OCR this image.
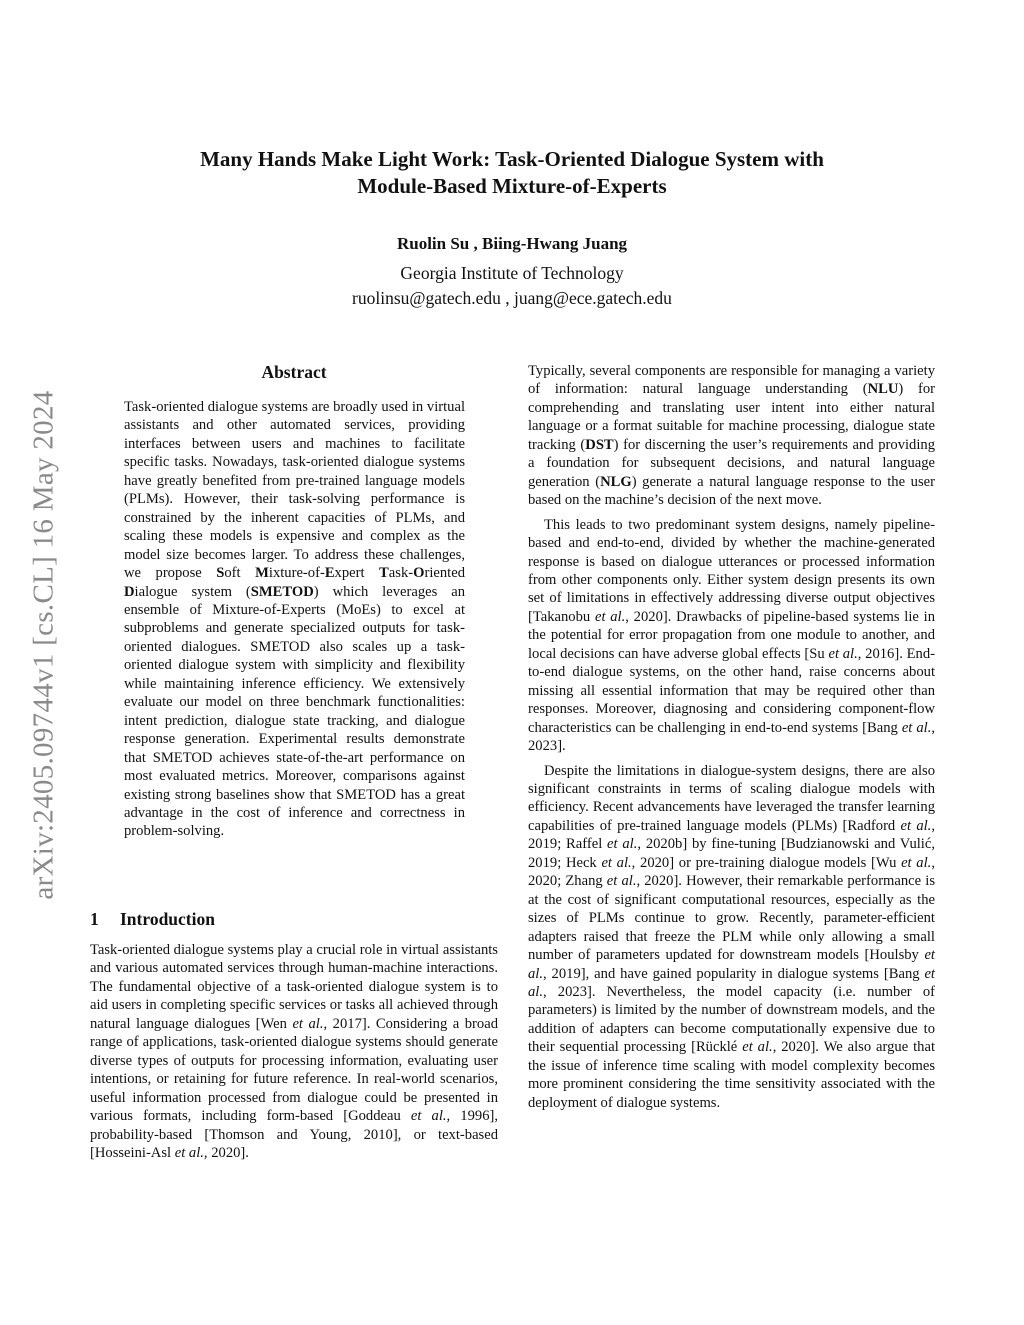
Many Hands Make Light Work: Task-Oriented Dialogue System with
Module-Based Mixture-of-Experts
Ruolin Su , Biing-Hwang Juang
Georgia Institute of Technology
ruolinsu@gatech.edu , juang@ece.gatech.edu
arXiv:2405.09744v1 [cs.CL] 16 May 2024
Abstract

Task-oriented dialogue systems are broadly used in virtual assistants and other automated services, providing interfaces between users and machines to facilitate specific tasks. Nowadays, task-oriented dialogue systems have greatly benefited from pre-trained language models (PLMs). However, their task-solving performance is constrained by the inherent capacities of PLMs, and scaling these models is expensive and complex as the model size becomes larger. To address these challenges, we propose Soft Mixture-of-Expert Task-Oriented Dialogue system (SMETOD) which leverages an ensemble of Mixture-of-Experts (MoEs) to excel at subproblems and generate specialized outputs for task-oriented dialogues. SMETOD also scales up a task-oriented dialogue system with simplicity and flexibility while maintaining inference efficiency. We extensively evaluate our model on three benchmark functionalities: intent prediction, dialogue state tracking, and dialogue response generation. Experimental results demonstrate that SMETOD achieves state-of-the-art performance on most evaluated metrics. Moreover, comparisons against existing strong baselines show that SMETOD has a great advantage in the cost of inference and correctness in problem-solving.

1 Introduction

Task-oriented dialogue systems play a crucial role in virtual assistants and various automated services through human-machine interactions. The fundamental objective of a task-oriented dialogue system is to aid users in completing specific services or tasks all achieved through natural language dialogues [Wen et al., 2017]. Considering a broad range of applications, task-oriented dialogue systems should generate diverse types of outputs for processing information, evaluating user intentions, or retaining for future reference. In real-world scenarios, useful information processed from dialogue could be presented in various formats, including form-based [Goddeau et al., 1996], probability-based [Thomson and Young, 2010], or text-based [Hosseini-Asl et al., 2020].

Typically, several components are responsible for managing a variety of information: natural language understanding (NLU) for comprehending and translating user intent into either natural language or a format suitable for machine processing, dialogue state tracking (DST) for discerning the user’s requirements and providing a foundation for subsequent decisions, and natural language generation (NLG) generate a natural language response to the user based on the machine’s decision of the next move.

This leads to two predominant system designs, namely pipeline-based and end-to-end, divided by whether the machine-generated response is based on dialogue utterances or processed information from other components only. Either system design presents its own set of limitations in effectively addressing diverse output objectives [Takanobu et al., 2020]. Drawbacks of pipeline-based systems lie in the potential for error propagation from one module to another, and local decisions can have adverse global effects [Su et al., 2016]. End-to-end dialogue systems, on the other hand, raise concerns about missing all essential information that may be required other than responses. Moreover, diagnosing and considering component-flow characteristics can be challenging in end-to-end systems [Bang et al., 2023].

Despite the limitations in dialogue-system designs, there are also significant constraints in terms of scaling dialogue models with efficiency. Recent advancements have leveraged the transfer learning capabilities of pre-trained language models (PLMs) [Radford et al., 2019; Raffel et al., 2020b] by fine-tuning [Budzianowski and Vulić, 2019; Heck et al., 2020] or pre-training dialogue models [Wu et al., 2020; Zhang et al., 2020]. However, their remarkable performance is at the cost of significant computational resources, especially as the sizes of PLMs continue to grow. Recently, parameter-efficient adapters raised that freeze the PLM while only allowing a small number of parameters updated for downstream models [Houlsby et al., 2019], and have gained popularity in dialogue systems [Bang et al., 2023]. Nevertheless, the model capacity (i.e. number of parameters) is limited by the number of downstream models, and the addition of adapters can become computationally expensive due to their sequential processing [Rücklé et al., 2020]. We also argue that the issue of inference time scaling with model complexity becomes more prominent considering the time sensitivity associated with the deployment of dialogue systems.
